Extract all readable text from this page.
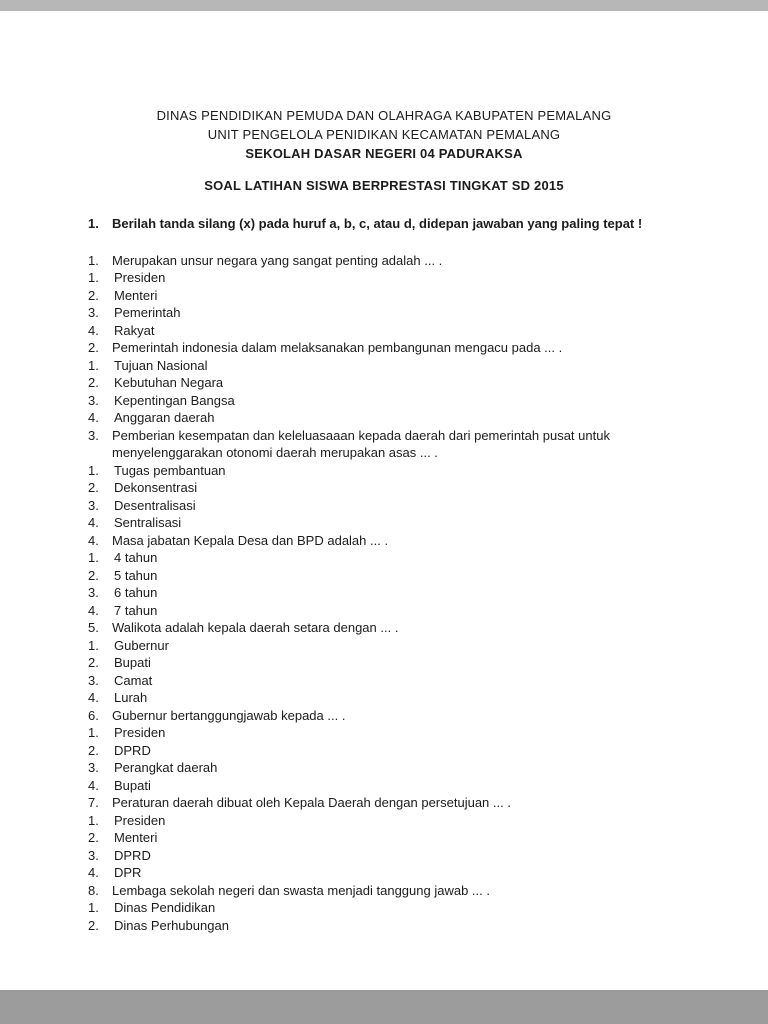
DINAS PENDIDIKAN PEMUDA DAN OLAHRAGA KABUPATEN PEMALANG
UNIT PENGELOLA PENIDIKAN KECAMATAN PEMALANG
SEKOLAH DASAR NEGERI 04 PADURAKSA
SOAL LATIHAN SISWA BERPRESTASI TINGKAT SD 2015
1.	Berilah tanda silang (x) pada huruf a, b, c, atau d, didepan jawaban yang paling tepat !
1.	Merupakan unsur negara yang sangat penting adalah ... .
1.	Presiden
2.	Menteri
3.	Pemerintah
4.	Rakyat
2.	Pemerintah indonesia dalam melaksanakan pembangunan mengacu pada ... .
1.	Tujuan Nasional
2.	Kebutuhan Negara
3.	Kepentingan Bangsa
4.	Anggaran daerah
3.	Pemberian kesempatan dan keleluasaaan kepada daerah dari pemerintah pusat untuk menyelenggarakan otonomi daerah merupakan asas ... .
1.	Tugas pembantuan
2.	Dekonsentrasi
3.	Desentralisasi
4.	Sentralisasi
4.	Masa jabatan Kepala Desa dan BPD adalah ... .
1.	4 tahun
2.	5 tahun
3.	6 tahun
4.	7 tahun
5.	Walikota adalah kepala daerah setara dengan ... .
1.	Gubernur
2.	Bupati
3.	Camat
4.	Lurah
6.	Gubernur bertanggungjawab kepada ... .
1.	Presiden
2.	DPRD
3.	Perangkat daerah
4.	Bupati
7.	Peraturan daerah dibuat oleh Kepala Daerah dengan persetujuan ... .
1.	Presiden
2.	Menteri
3.	DPRD
4.	DPR
8.	Lembaga sekolah negeri dan swasta menjadi tanggung jawab ... .
1.	Dinas Pendidikan
2.	Dinas Perhubungan
